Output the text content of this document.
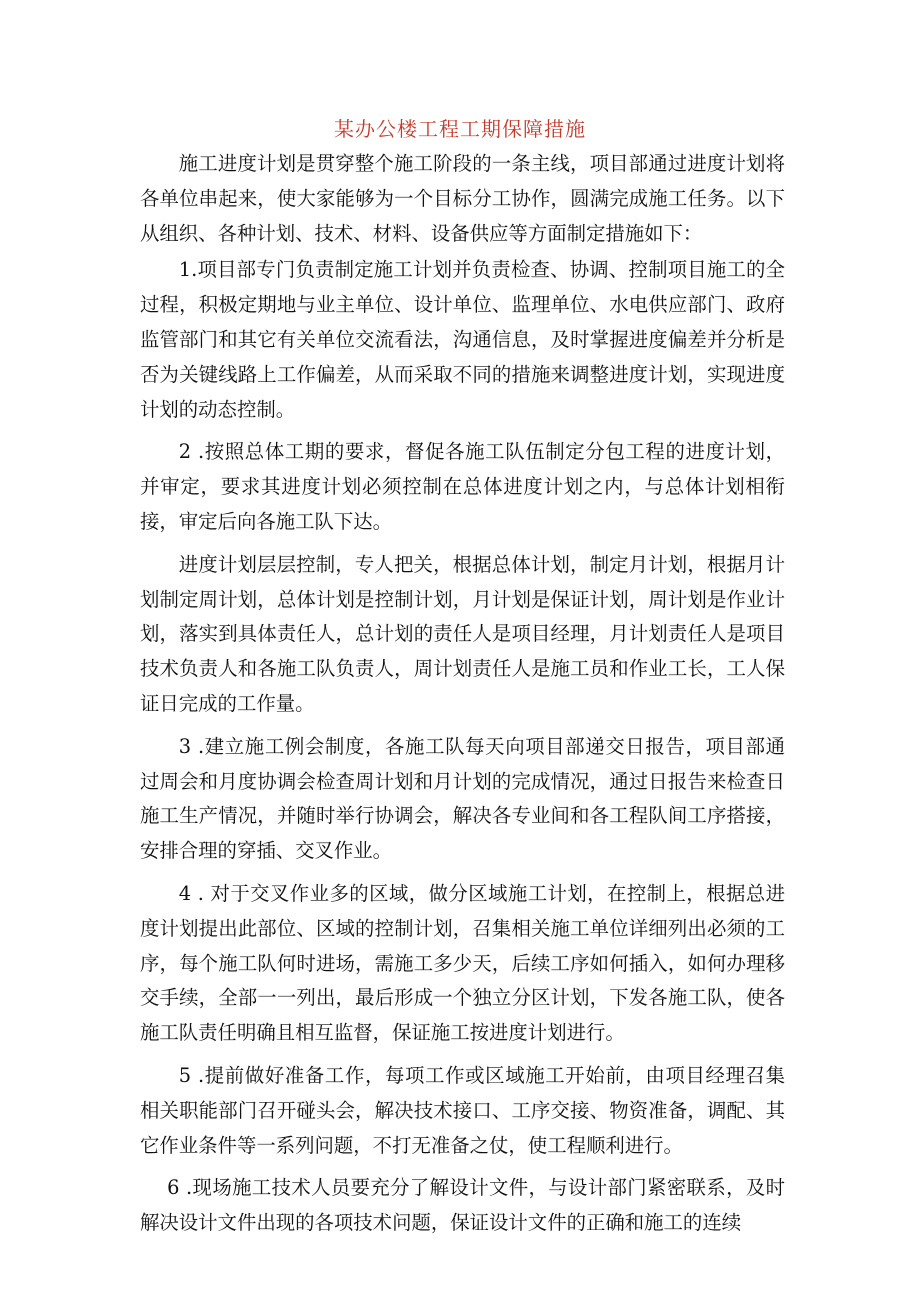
某办公楼工程工期保障措施

施工进度计划是贯穿整个施工阶段的一条主线，项目部通过进度计划将各单位串起来，使大家能够为一个目标分工协作，圆满完成施工任务。以下从组织、各种计划、技术、材料、设备供应等方面制定措施如下：

1.项目部专门负责制定施工计划并负责检查、协调、控制项目施工的全过程，积极定期地与业主单位、设计单位、监理单位、水电供应部门、政府监管部门和其它有关单位交流看法，沟通信息，及时掌握进度偏差并分析是否为关键线路上工作偏差，从而采取不同的措施来调整进度计划，实现进度计划的动态控制。

2 .按照总体工期的要求，督促各施工队伍制定分包工程的进度计划，并审定，要求其进度计划必须控制在总体进度计划之内，与总体计划相衔接，审定后向各施工队下达。

进度计划层层控制，专人把关，根据总体计划，制定月计划，根据月计划制定周计划，总体计划是控制计划，月计划是保证计划，周计划是作业计划，落实到具体责任人，总计划的责任人是项目经理，月计划责任人是项目技术负责人和各施工队负责人，周计划责任人是施工员和作业工长，工人保证日完成的工作量。

3 .建立施工例会制度，各施工队每天向项目部递交日报告，项目部通过周会和月度协调会检查周计划和月计划的完成情况，通过日报告来检查日施工生产情况，并随时举行协调会，解决各专业间和各工程队间工序搭接，安排合理的穿插、交叉作业。

4 . 对于交叉作业多的区域，做分区域施工计划，在控制上，根据总进度计划提出此部位、区域的控制计划，召集相关施工单位详细列出必须的工序，每个施工队何时进场，需施工多少天，后续工序如何插入，如何办理移交手续，全部一一列出，最后形成一个独立分区计划，下发各施工队，使各施工队责任明确且相互监督，保证施工按进度计划进行。

5 .提前做好准备工作，每项工作或区域施工开始前，由项目经理召集相关职能部门召开碰头会，解决技术接口、工序交接、物资准备，调配、其它作业条件等一系列问题，不打无准备之仗，使工程顺利进行。

6 .现场施工技术人员要充分了解设计文件，与设计部门紧密联系，及时解决设计文件出现的各项技术问题，保证设计文件的正确和施工的连续
